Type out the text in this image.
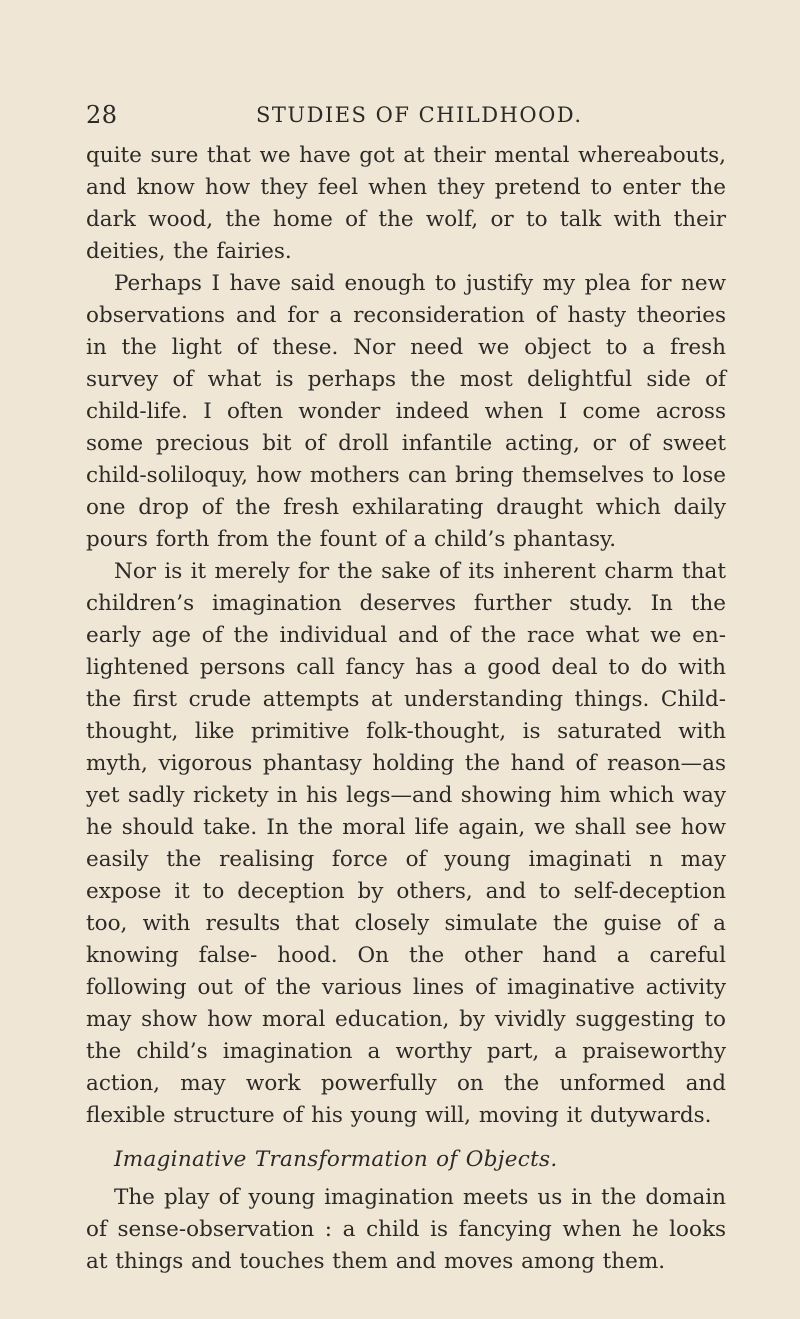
28	STUDIES OF CHILDHOOD.

quite sure that we have got at their mental whereabouts, and know how they feel when they pretend to enter the dark wood, the home of the wolf, or to talk with their deities, the fairies.

Perhaps I have said enough to justify my plea for new observations and for a reconsideration of hasty theories in the light of these. Nor need we object to a fresh survey of what is perhaps the most delightful side of child-life. I often wonder indeed when I come across some precious bit of droll infantile acting, or of sweet child-soliloquy, how mothers can bring themselves to lose one drop of the fresh exhilarating draught which daily pours forth from the fount of a child’s phantasy.

Nor is it merely for the sake of its inherent charm that children’s imagination deserves further study. In the early age of the individual and of the race what we en- lightened persons call fancy has a good deal to do with the first crude attempts at understanding things. Child- thought, like primitive folk-thought, is saturated with myth, vigorous phantasy holding the hand of reason—as yet sadly rickety in his legs—and showing him which way he should take. In the moral life again, we shall see how easily the realising force of young imaginati n may expose it to deception by others, and to self-deception too, with results that closely simulate the guise of a knowing false- hood. On the other hand a careful following out of the various lines of imaginative activity may show how moral education, by vividly suggesting to the child’s imagination a worthy part, a praiseworthy action, may work powerfully on the unformed and flexible structure of his young will, moving it dutywards.

Imaginative Transformation of Objects.

The play of young imagination meets us in the domain of sense-observation : a child is fancying when he looks at things and touches them and moves among them.
